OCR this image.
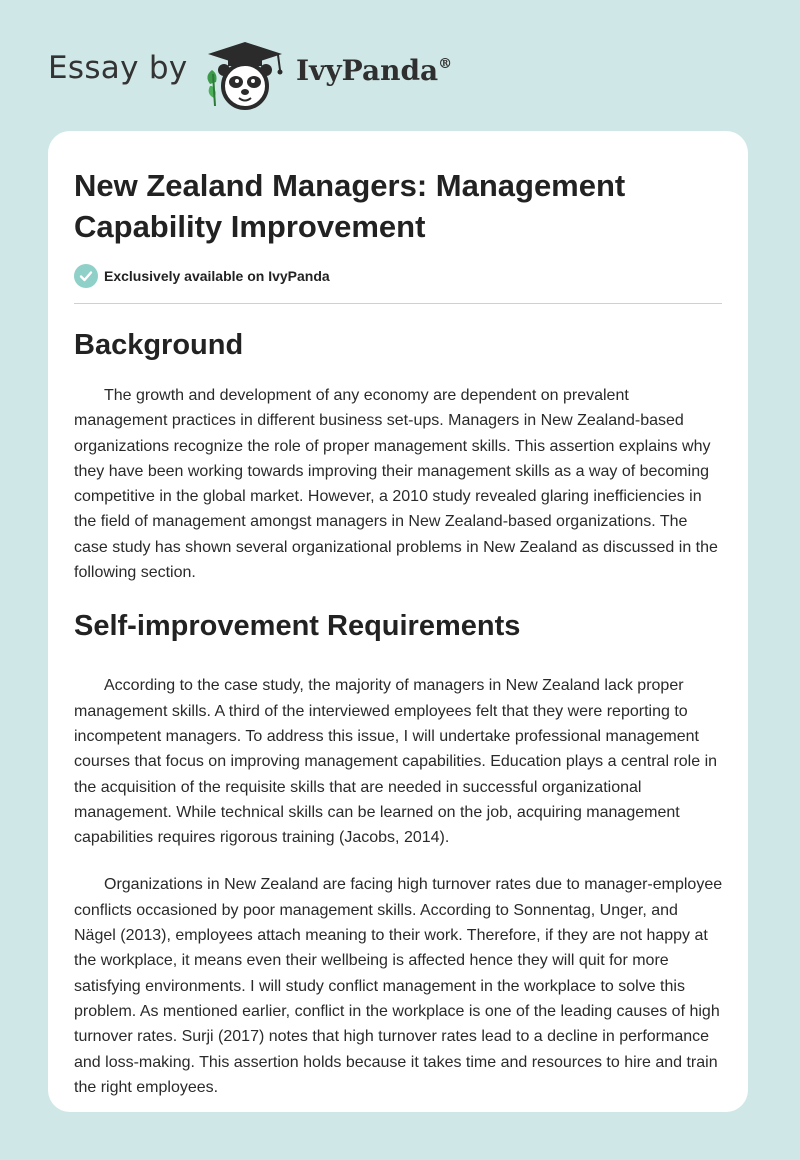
Essay by	IvyPanda®
New Zealand Managers: Management Capability Improvement
Exclusively available on IvyPanda
Background

The growth and development of any economy are dependent on prevalent management practices in different business set-ups. Managers in New Zealand-based organizations recognize the role of proper management skills. This assertion explains why they have been working towards improving their management skills as a way of becoming competitive in the global market. However, a 2010 study revealed glaring inefficiencies in the field of management amongst managers in New Zealand-based organizations. The case study has shown several organizational problems in New Zealand as discussed in the following section.

Self-improvement Requirements

According to the case study, the majority of managers in New Zealand lack proper management skills. A third of the interviewed employees felt that they were reporting to incompetent managers. To address this issue, I will undertake professional management courses that focus on improving management capabilities. Education plays a central role in the acquisition of the requisite skills that are needed in successful organizational management. While technical skills can be learned on the job, acquiring management capabilities requires rigorous training (Jacobs, 2014).

Organizations in New Zealand are facing high turnover rates due to manager-employee conflicts occasioned by poor management skills. According to Sonnentag, Unger, and Nägel (2013), employees attach meaning to their work. Therefore, if they are not happy at the workplace, it means even their wellbeing is affected hence they will quit for more satisfying environments. I will study conflict management in the workplace to solve this problem. As mentioned earlier, conflict in the workplace is one of the leading causes of high turnover rates. Surji (2017) notes that high turnover rates lead to a decline in performance and loss-making. This assertion holds because it takes time and resources to hire and train the right employees.
